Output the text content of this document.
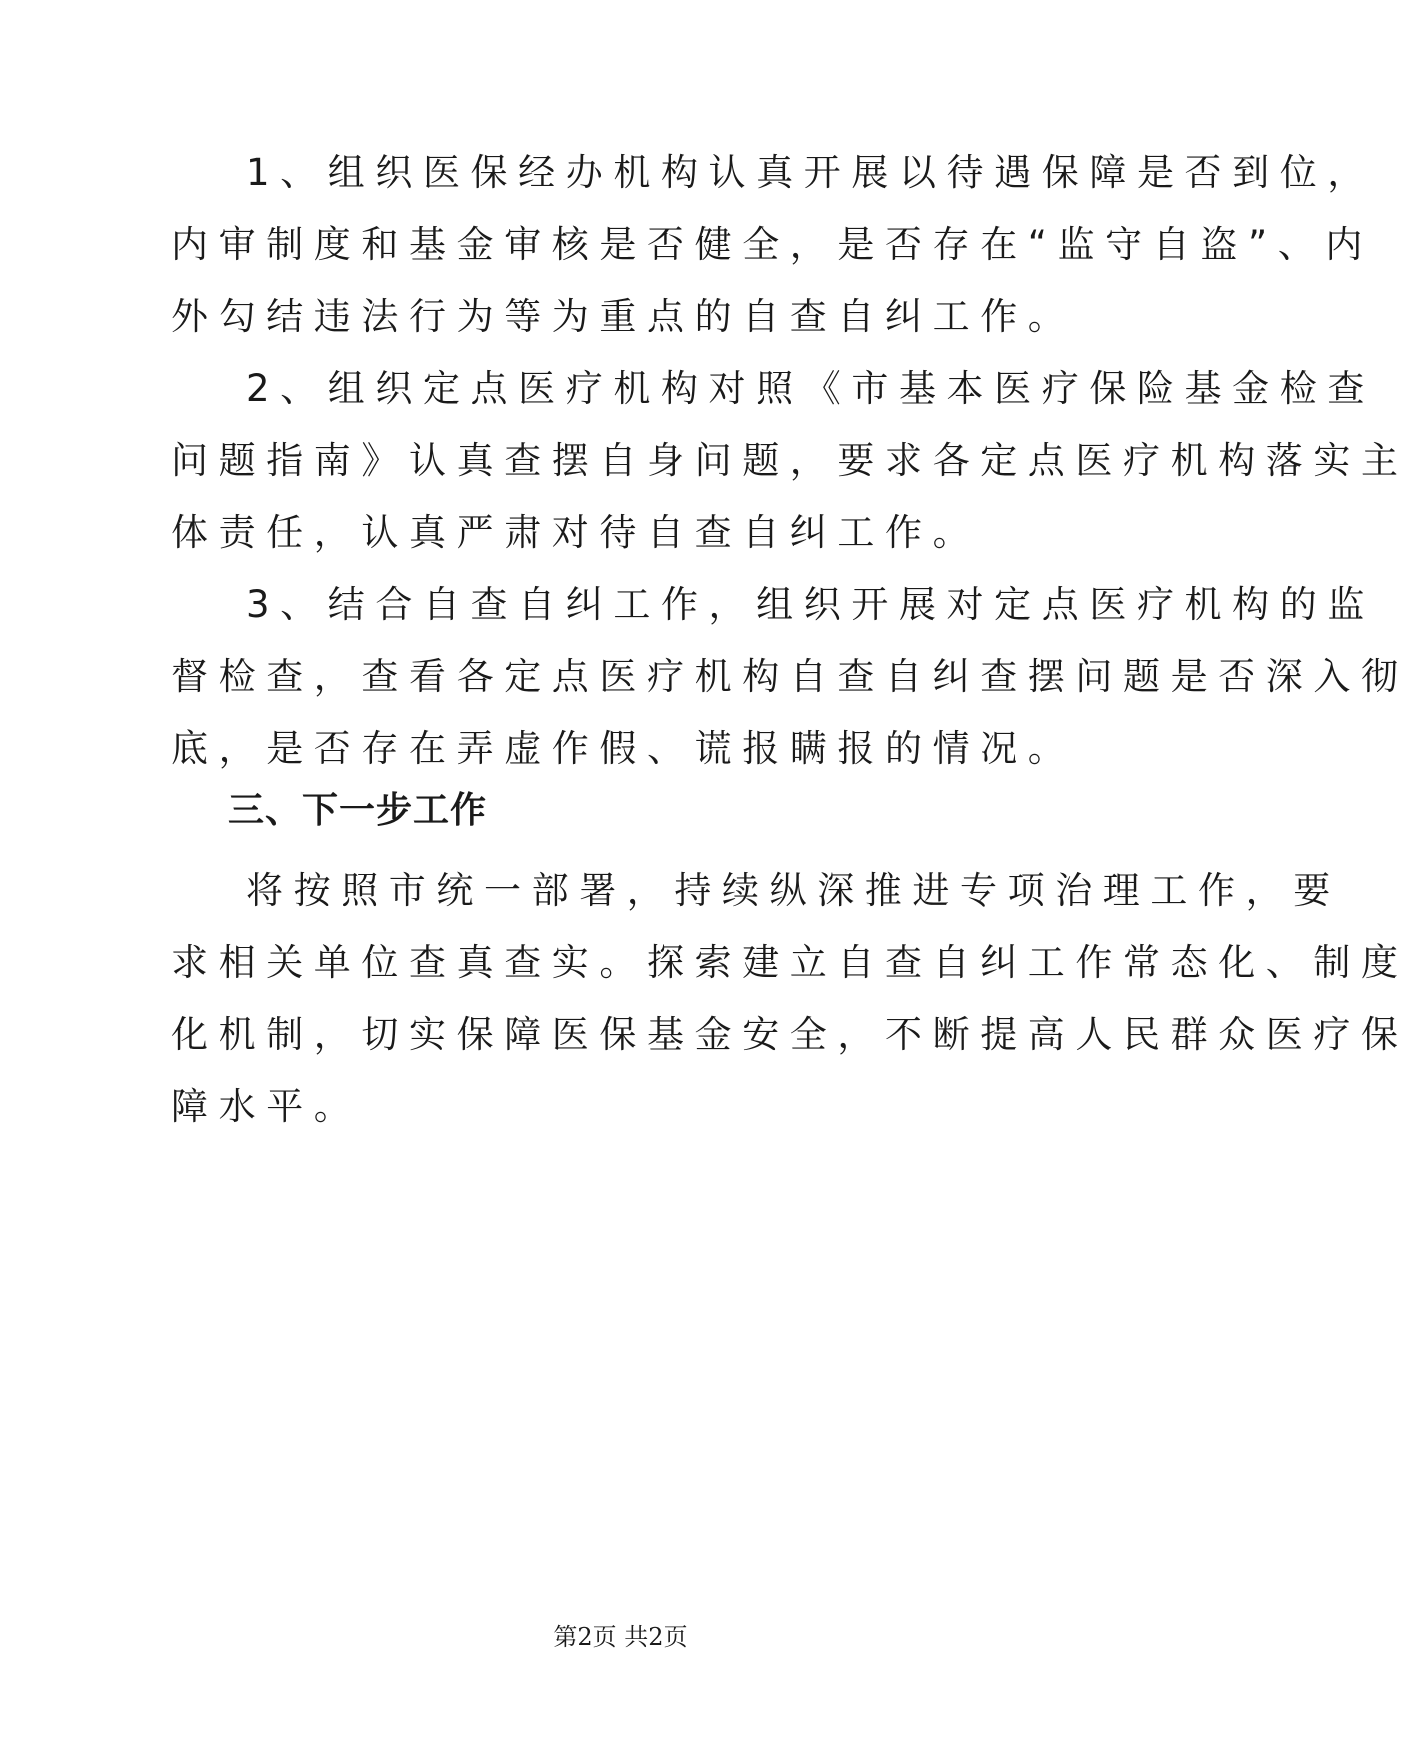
1、组织医保经办机构认真开展以待遇保障是否到位，
内审制度和基金审核是否健全，是否存在“监守自盗”、内
外勾结违法行为等为重点的自查自纠工作。
2、组织定点医疗机构对照《市基本医疗保险基金检查
问题指南》认真查摆自身问题，要求各定点医疗机构落实主
体责任，认真严肃对待自查自纠工作。
3、结合自查自纠工作，组织开展对定点医疗机构的监
督检查，查看各定点医疗机构自查自纠查摆问题是否深入彻
底，是否存在弄虚作假、谎报瞒报的情况。
三、下一步工作
将按照市统一部署，持续纵深推进专项治理工作，要
求相关单位查真查实。探索建立自查自纠工作常态化、制度
化机制，切实保障医保基金安全，不断提高人民群众医疗保
障水平。
第2页 共2页
